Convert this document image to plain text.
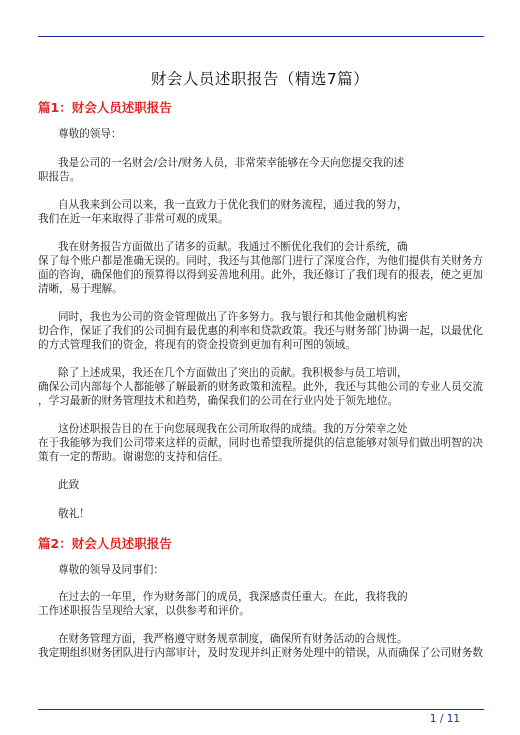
财会人员述职报告（精选7篇）
篇1：财会人员述职报告
尊敬的领导：
我是公司的一名财会/会计/财务人员，非常荣幸能够在今天向您提交我的述
职报告。
自从我来到公司以来，我一直致力于优化我们的财务流程，通过我的努力，
我们在近一年来取得了非常可观的成果。
我在财务报告方面做出了诸多的贡献。我通过不断优化我们的会计系统，确
保了每个账户都是准确无误的。同时，我还与其他部门进行了深度合作，为他们提供有关财务方
面的咨询，确保他们的预算得以得到妥善地利用。此外，我还修订了我们现有的报表，使之更加
清晰，易于理解。
同时，我也为公司的资金管理做出了许多努力。我与银行和其他金融机构密
切合作，保证了我们的公司拥有最优惠的利率和贷款政策。我还与财务部门协调一起，以最优化
的方式管理我们的资金，将现有的资金投资到更加有利可图的领域。
除了上述成果，我还在几个方面做出了突出的贡献。我积极参与员工培训，
确保公司内部每个人都能够了解最新的财务政策和流程。此外，我还与其他公司的专业人员交流
，学习最新的财务管理技术和趋势，确保我们的公司在行业内处于领先地位。
这份述职报告目的在于向您展现我在公司所取得的成绩。我的万分荣幸之处
在于我能够为我们公司带来这样的贡献，同时也希望我所提供的信息能够对领导们做出明智的决
策有一定的帮助。谢谢您的支持和信任。
此致
敬礼！
篇2：财会人员述职报告
尊敬的领导及同事们：
在过去的一年里，作为财务部门的成员，我深感责任重大。在此，我将我的
工作述职报告呈现给大家，以供参考和评价。
在财务管理方面，我严格遵守财务规章制度，确保所有财务活动的合规性。
我定期组织财务团队进行内部审计，及时发现并纠正财务处理中的错误，从而确保了公司财务数
1 / 11
